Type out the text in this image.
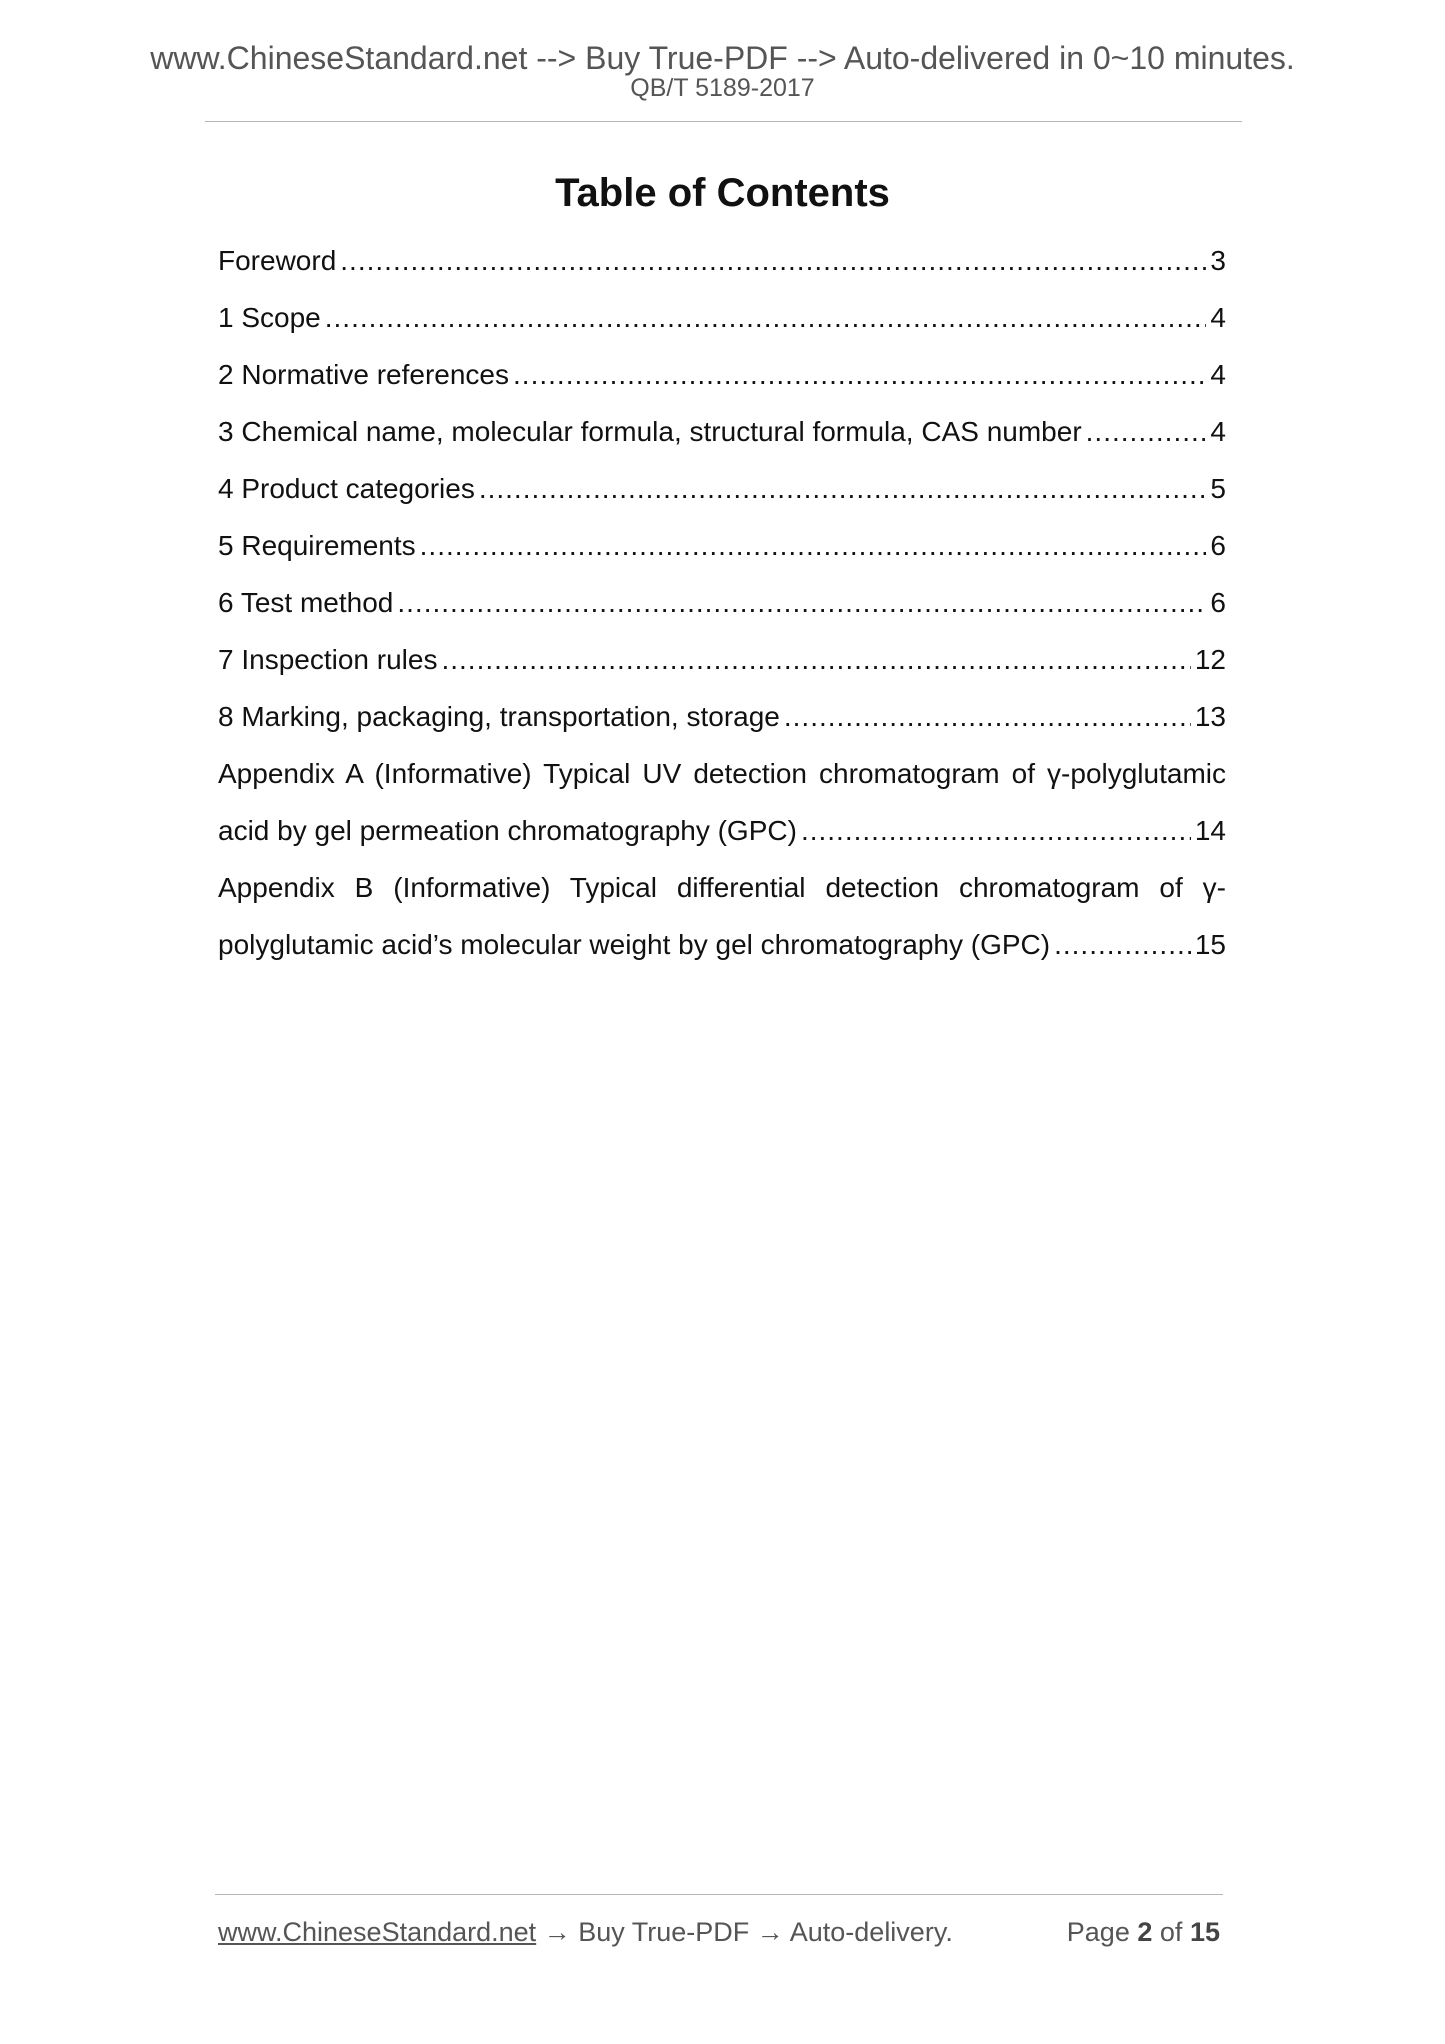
www.ChineseStandard.net --> Buy True-PDF --> Auto-delivered in 0~10 minutes.
QB/T 5189-2017
Table of Contents
Foreword .....	3
1 Scope .....	4
2 Normative references .....	4
3 Chemical name, molecular formula, structural formula, CAS number .....	4
4 Product categories .....	5
5 Requirements .....	6
6 Test method .....	6
7 Inspection rules .....	12
8 Marking, packaging, transportation, storage .....	13
Appendix A (Informative) Typical UV detection chromatogram of γ-polyglutamic
acid by gel permeation chromatography (GPC) .....	14
Appendix B (Informative) Typical differential detection chromatogram of γ-
polyglutamic acid’s molecular weight by gel chromatography (GPC) .....	15
www.ChineseStandard.net → Buy True-PDF → Auto-delivery.	Page 2 of 15
